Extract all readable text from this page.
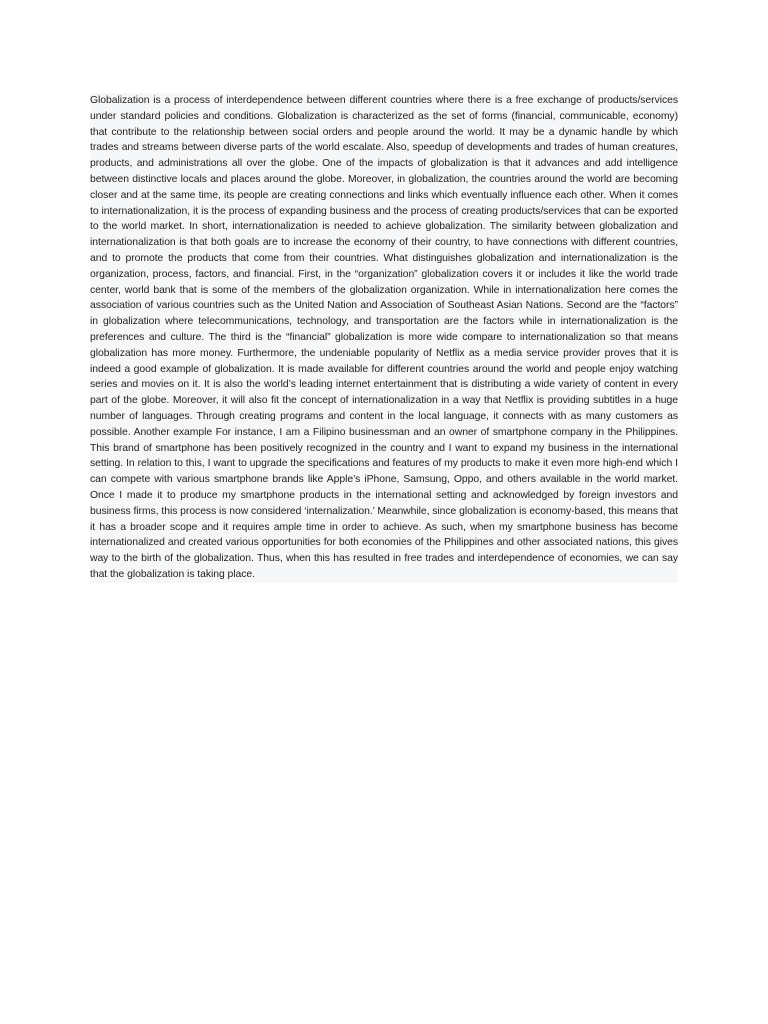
Globalization is a process of interdependence between different countries where there is a free exchange of products/services under standard policies and conditions. Globalization is characterized as the set of forms (financial, communicable, economy) that contribute to the relationship between social orders and people around the world. It may be a dynamic handle by which trades and streams between diverse parts of the world escalate. Also, speedup of developments and trades of human creatures, products, and administrations all over the globe. One of the impacts of globalization is that it advances and add intelligence between distinctive locals and places around the globe. Moreover, in globalization, the countries around the world are becoming closer and at the same time, its people are creating connections and links which eventually influence each other. When it comes to internationalization, it is the process of expanding business and the process of creating products/services that can be exported to the world market. In short, internationalization is needed to achieve globalization. The similarity between globalization and internationalization is that both goals are to increase the economy of their country, to have connections with different countries, and to promote the products that come from their countries. What distinguishes globalization and internationalization is the organization, process, factors, and financial. First, in the “organization” globalization covers it or includes it like the world trade center, world bank that is some of the members of the globalization organization. While in internationalization here comes the association of various countries such as the United Nation and Association of Southeast Asian Nations. Second are the “factors” in globalization where telecommunications, technology, and transportation are the factors while in internationalization is the preferences and culture. The third is the “financial” globalization is more wide compare to internationalization so that means globalization has more money. Furthermore, the undeniable popularity of Netflix as a media service provider proves that it is indeed a good example of globalization. It is made available for different countries around the world and people enjoy watching series and movies on it. It is also the world’s leading internet entertainment that is distributing a wide variety of content in every part of the globe. Moreover, it will also fit the concept of internationalization in a way that Netflix is providing subtitles in a huge number of languages. Through creating programs and content in the local language, it connects with as many customers as possible. Another example For instance, I am a Filipino businessman and an owner of smartphone company in the Philippines. This brand of smartphone has been positively recognized in the country and I want to expand my business in the international setting. In relation to this, I want to upgrade the specifications and features of my products to make it even more high-end which I can compete with various smartphone brands like Apple’s iPhone, Samsung, Oppo, and others available in the world market. Once I made it to produce my smartphone products in the international setting and acknowledged by foreign investors and business firms, this process is now considered ‘internalization.’ Meanwhile, since globalization is economy-based, this means that it has a broader scope and it requires ample time in order to achieve. As such, when my smartphone business has become internationalized and created various opportunities for both economies of the Philippines and other associated nations, this gives way to the birth of the globalization. Thus, when this has resulted in free trades and interdependence of economies, we can say that the globalization is taking place.
